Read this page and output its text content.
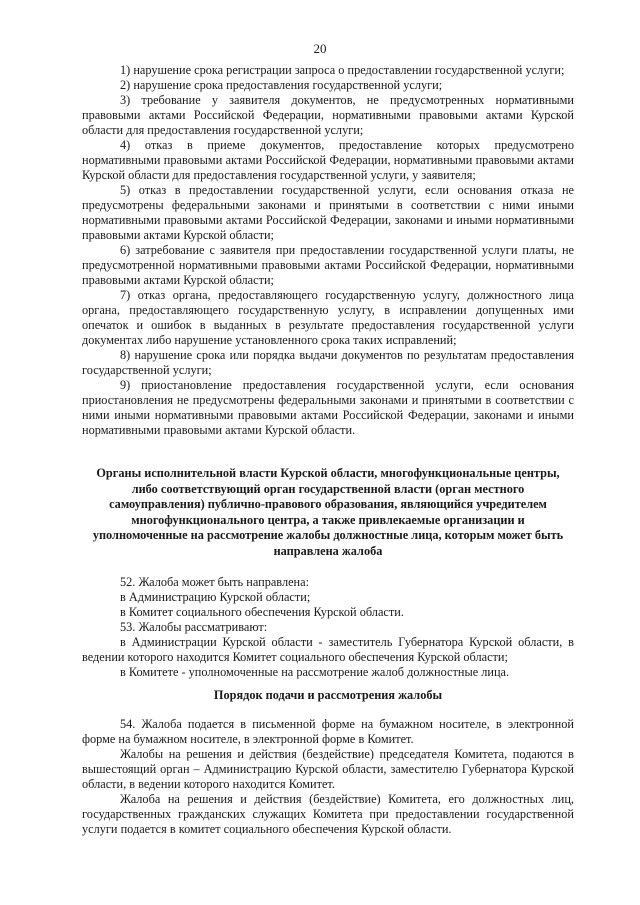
20

1) нарушение срока регистрации запроса о предоставлении государственной услуги;

2) нарушение срока предоставления государственной услуги;

3) требование у заявителя документов, не предусмотренных нормативными правовыми актами Российской Федерации, нормативными правовыми актами Курской области для предоставления государственной услуги;

4) отказ в приеме документов, предоставление которых предусмотрено нормативными правовыми актами Российской Федерации, нормативными правовыми актами Курской области для предоставления государственной услуги, у заявителя;

5) отказ в предоставлении государственной услуги, если основания отказа не предусмотрены федеральными законами и принятыми в соответствии с ними иными нормативными правовыми актами Российской Федерации, законами и иными нормативными правовыми актами Курской области;

6) затребование с заявителя при предоставлении государственной услуги платы, не предусмотренной нормативными правовыми актами Российской Федерации, нормативными правовыми актами Курской области;

7) отказ органа, предоставляющего государственную услугу, должностного лица органа, предоставляющего государственную услугу, в исправлении допущенных ими опечаток и ошибок в выданных в результате предоставления государственной услуги документах либо нарушение установленного срока таких исправлений;

8) нарушение срока или порядка выдачи документов по результатам предоставления государственной услуги;

9) приостановление предоставления государственной услуги, если основания приостановления не предусмотрены федеральными законами и принятыми в соответствии с ними иными нормативными правовыми актами Российской Федерации, законами и иными нормативными правовыми актами Курской области.

Органы исполнительной власти Курской области, многофункциональные центры, либо соответствующий орган государственной власти (орган местного самоуправления) публично-правового образования, являющийся учредителем многофункционального центра, а также привлекаемые организации и уполномоченные на рассмотрение жалобы должностные лица, которым может быть направлена жалоба

52. Жалоба может быть направлена:

в Администрацию Курской области;

в Комитет социального обеспечения Курской области.

53. Жалобы рассматривают:

в Администрации Курской области - заместитель Губернатора Курской области, в ведении которого находится Комитет социального обеспечения Курской области;

в Комитете - уполномоченные на рассмотрение жалоб должностные лица.

Порядок подачи и рассмотрения жалобы

54. Жалоба подается в письменной форме на бумажном носителе, в электронной форме на бумажном носителе, в электронной форме в Комитет.

Жалобы на решения и действия (бездействие) председателя Комитета, подаются в вышестоящий орган – Администрацию Курской области, заместителю Губернатора Курской области, в ведении которого находится Комитет.

Жалоба на решения и действия (бездействие) Комитета, его должностных лиц, государственных гражданских служащих Комитета при предоставлении государственной услуги подается в комитет социального обеспечения Курской области.
